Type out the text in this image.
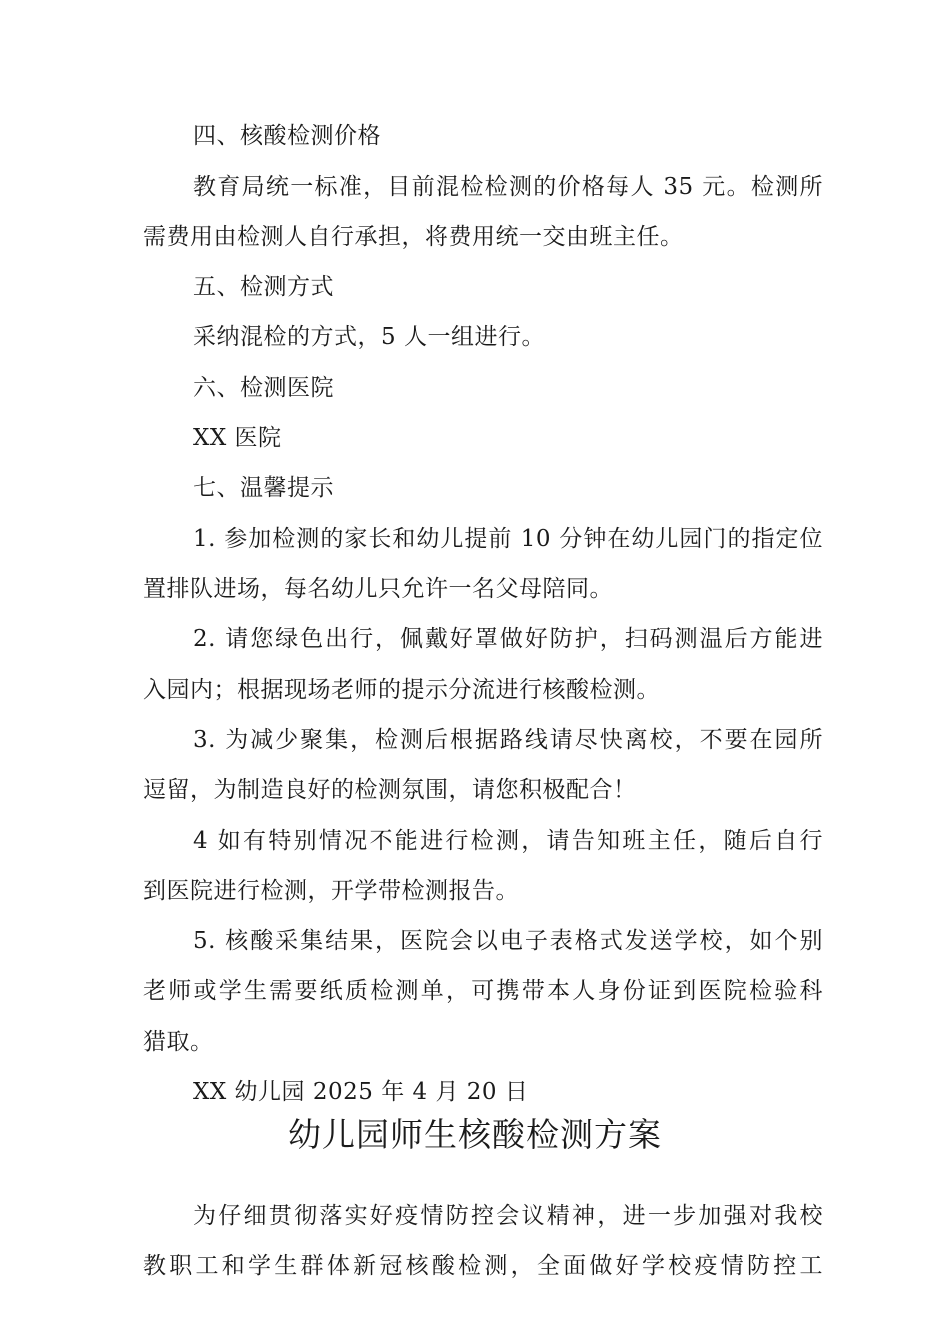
四、核酸检测价格
教育局统一标准，目前混检检测的价格每人 35 元。检测所
需费用由检测人自行承担，将费用统一交由班主任。
五、检测方式
采纳混检的方式，5 人一组进行。
六、检测医院
XX 医院
七、温馨提示
1. 参加检测的家长和幼儿提前 10 分钟在幼儿园门的指定位
置排队进场，每名幼儿只允许一名父母陪同。
2. 请您绿色出行，佩戴好罩做好防护，扫码测温后方能进
入园内；根据现场老师的提示分流进行核酸检测。
3. 为减少聚集，检测后根据路线请尽快离校，不要在园所
逗留，为制造良好的检测氛围，请您积极配合！
4 如有特别情况不能进行检测，请告知班主任，随后自行
到医院进行检测，开学带检测报告。
5. 核酸采集结果，医院会以电子表格式发送学校，如个别
老师或学生需要纸质检测单，可携带本人身份证到医院检验科
猎取。
XX 幼儿园 2025 年 4 月 20 日
幼儿园师生核酸检测方案
为仔细贯彻落实好疫情防控会议精神，进一步加强对我校
教职工和学生群体新冠核酸检测，全面做好学校疫情防控工
